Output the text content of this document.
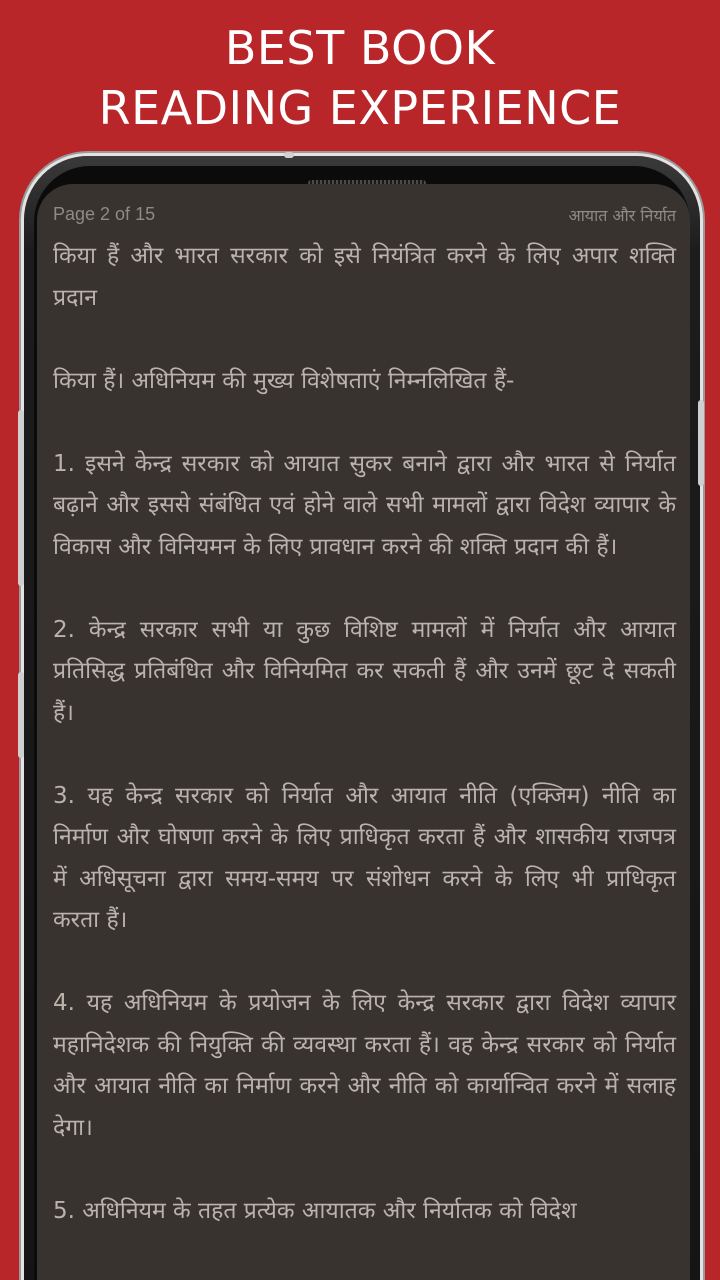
BEST BOOK
READING EXPERIENCE
Page 2 of 15	आयात और निर्यात

किया हैं और भारत सरकार को इसे नियंत्रित करने के लिए अपार शक्ति प्रदान

किया हैं। अधिनियम की मुख्य विशेषताएं निम्नलिखित हैं-

1. इसने केन्द्र सरकार को आयात सुकर बनाने द्वारा और भारत से निर्यात बढ़ाने और इससे संबंधित एवं होने वाले सभी मामलों द्वारा विदेश व्यापार के विकास और विनियमन के लिए प्रावधान करने की शक्ति प्रदान की हैं।

2. केन्द्र सरकार सभी या कुछ विशिष्ट मामलों में निर्यात और आयात प्रतिसिद्ध प्रतिबंधित और विनियमित कर सकती हैं और उनमें छूट दे सकती हैं।

3. यह केन्द्र सरकार को निर्यात और आयात नीति (एक्जिम) नीति का निर्माण और घोषणा करने के लिए प्राधिकृत करता हैं और शासकीय राजपत्र में अधिसूचना द्वारा समय-समय पर संशोधन करने के लिए भी प्राधिकृत करता हैं।

4. यह अधिनियम के प्रयोजन के लिए केन्द्र सरकार द्वारा विदेश व्यापार महानिदेशक की नियुक्ति की व्यवस्था करता हैं। वह केन्द्र सरकार को निर्यात और आयात नीति का निर्माण करने और नीति को कार्यान्वित करने में सलाह देगा।

5. अधिनियम के तहत प्रत्येक आयातक और निर्यातक को विदेश
